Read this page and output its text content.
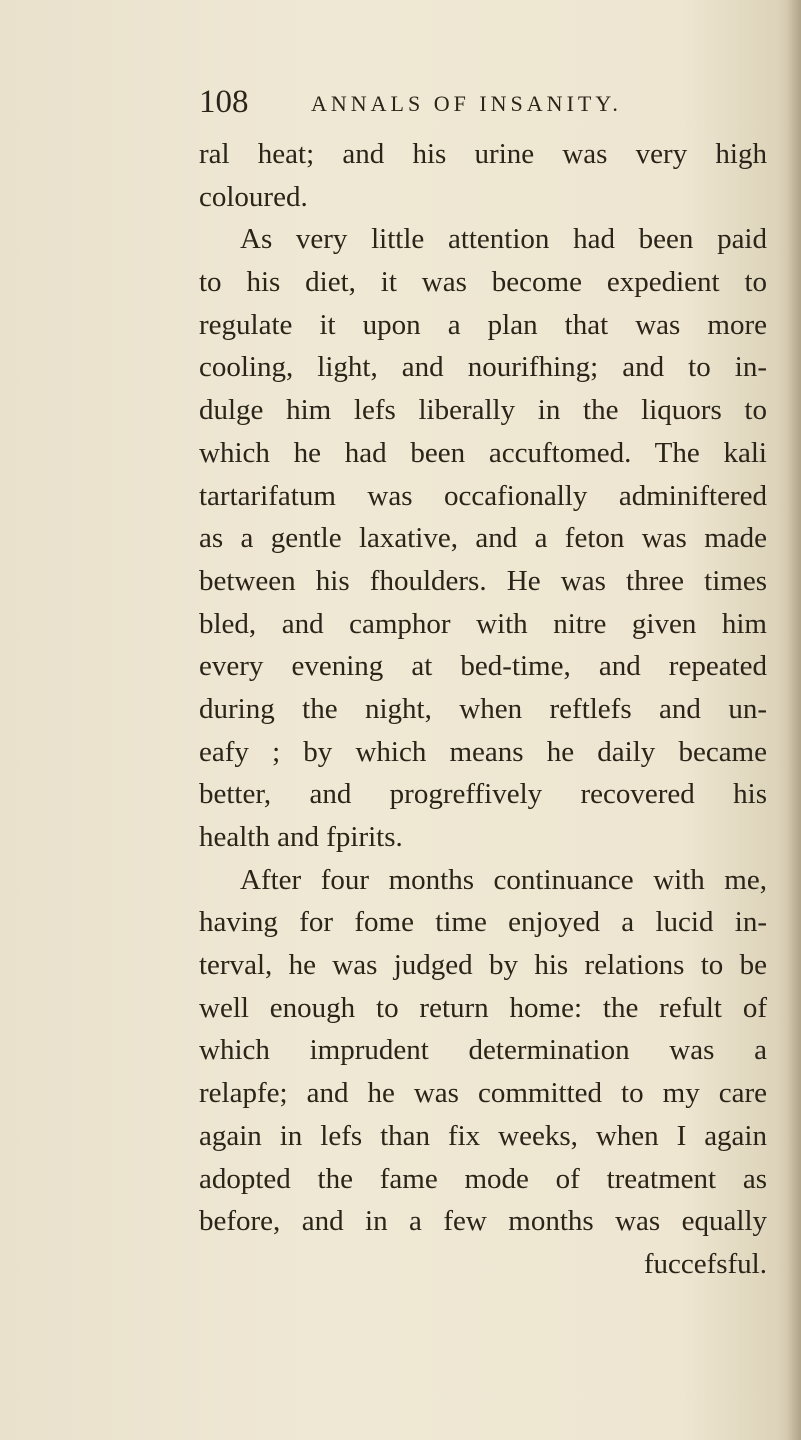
108	ANNALS OF INSANITY.
ral heat; and his urine was very high
coloured.
As very little attention had been paid
to his diet, it was become expedient to
regulate it upon a plan that was more
cooling, light, and nourifhing; and to in-
dulge him lefs liberally in the liquors to
which he had been accuftomed. The kali
tartarifatum was occafionally adminiftered
as a gentle laxative, and a feton was made
between his fhoulders. He was three times
bled, and camphor with nitre given him
every evening at bed-time, and repeated
during the night, when reftlefs and un-
eafy ; by which means he daily became
better, and progreffively recovered his
health and fpirits.
After four months continuance with me,
having for fome time enjoyed a lucid in-
terval, he was judged by his relations to be
well enough to return home: the refult of
which imprudent determination was a
relapfe; and he was committed to my care
again in lefs than fix weeks, when I again
adopted the fame mode of treatment as
before, and in a few months was equally
fuccefsful.
